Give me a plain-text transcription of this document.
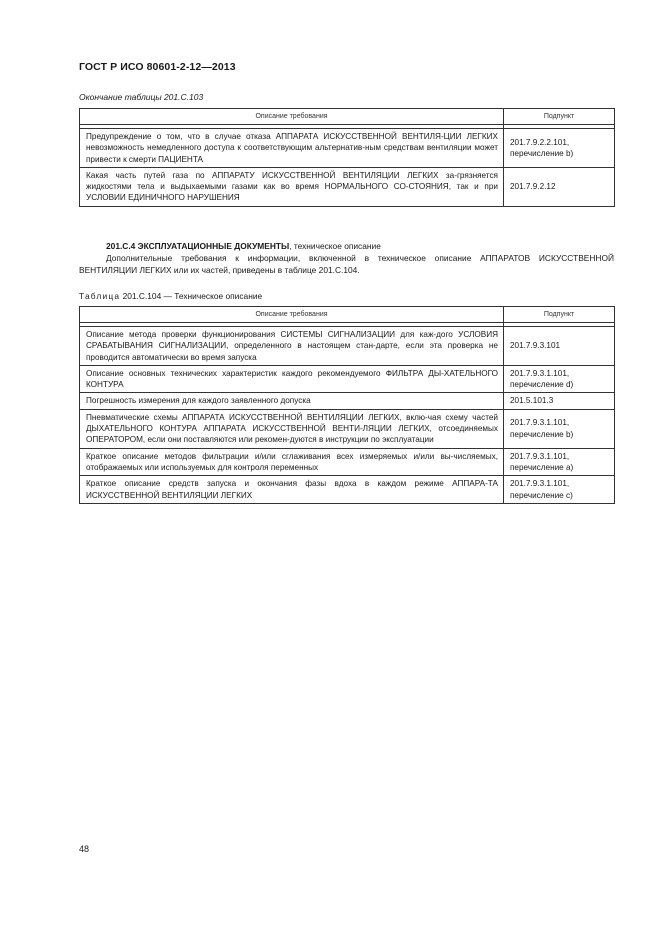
ГОСТ Р ИСО 80601-2-12—2013
Окончание таблицы 201.С.103
Описание требования	Подпункт

Предупреждение о том, что в случае отказа АППАРАТА ИСКУССТВЕННОЙ ВЕНТИЛЯ-ЦИИ ЛЕГКИХ невозможность немедленного доступа к соответствующим альтернатив-ным средствам вентиляции может привести к смерти ПАЦИЕНТА	201.7.9.2.2.101, перечисление b)
Какая часть путей газа по АППАРАТУ ИСКУССТВЕННОЙ ВЕНТИЛЯЦИИ ЛЕГКИХ за-грязняется жидкостями тела и выдыхаемыми газами как во время НОРМАЛЬНОГО СО-СТОЯНИЯ, так и при УСЛОВИИ ЕДИНИЧНОГО НАРУШЕНИЯ	201.7.9.2.12
201.С.4 ЭКСПЛУАТАЦИОННЫЕ ДОКУМЕНТЫ, техническое описание
Дополнительные требования к информации, включенной в техническое описание АППАРАТОВ ИСКУССТВЕННОЙ ВЕНТИЛЯЦИИ ЛЕГКИХ или их частей, приведены в таблице 201.С.104.
Таблица 201.С.104 — Техническое описание
Описание требования	Подпункт

Описание метода проверки функционирования СИСТЕМЫ СИГНАЛИЗАЦИИ для каж-дого УСЛОВИЯ СРАБАТЫВАНИЯ СИГНАЛИЗАЦИИ, определенного в настоящем стан-дарте, если эта проверка не проводится автоматически во время запуска	201.7.9.3.101
Описание основных технических характеристик каждого рекомендуемого ФИЛЬТРА ДЫ-ХАТЕЛЬНОГО КОНТУРА	201.7.9.3.1.101, перечисление d)
Погрешность измерения для каждого заявленного допуска	201.5.101.3
Пневматические схемы АППАРАТА ИСКУССТВЕННОЙ ВЕНТИЛЯЦИИ ЛЕГКИХ, вклю-чая схему частей ДЫХАТЕЛЬНОГО КОНТУРА АППАРАТА ИСКУССТВЕННОЙ ВЕНТИ-ЛЯЦИИ ЛЕГКИХ, отсоединяемых ОПЕРАТОРОМ, если они поставляются или рекомен-дуются в инструкции по эксплуатации	201.7.9.3.1.101, перечисление b)
Краткое описание методов фильтрации и/или сглаживания всех измеряемых и/или вы-числяемых, отображаемых или используемых для контроля переменных	201.7.9.3.1.101, перечисление а)
Краткое описание средств запуска и окончания фазы вдоха в каждом режиме АППАРА-ТА ИСКУССТВЕННОЙ ВЕНТИЛЯЦИИ ЛЕГКИХ	201.7.9.3.1.101, перечисление с)
48
